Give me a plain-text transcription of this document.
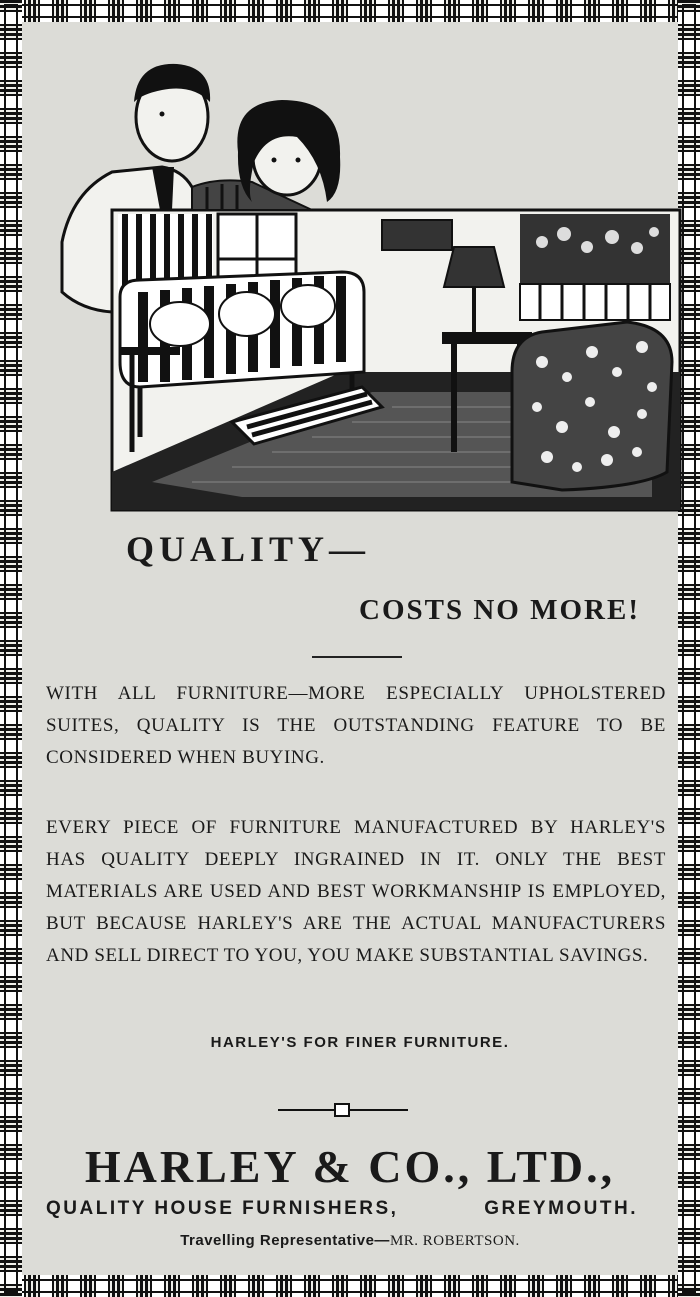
QUALITY—
COSTS NO MORE!

WITH ALL FURNITURE—MORE ESPECIALLY UPHOLSTERED SUITES, QUALITY IS THE OUTSTANDING FEATURE TO BE CONSIDERED WHEN BUYING.

EVERY PIECE OF FURNITURE MANUFACTURED BY HARLEY'S HAS QUALITY DEEPLY INGRAINED IN IT. ONLY THE BEST MATERIALS ARE USED AND BEST WORKMANSHIP IS EMPLOYED, BUT BECAUSE HARLEY'S ARE THE ACTUAL MANUFACTURERS AND SELL DIRECT TO YOU, YOU MAKE SUBSTANTIAL SAVINGS.

HARLEY'S FOR FINER FURNITURE.

HARLEY & CO., LTD.,
QUALITY HOUSE FURNISHERS,	GREYMOUTH.

Travelling Representative—MR. ROBERTSON.
